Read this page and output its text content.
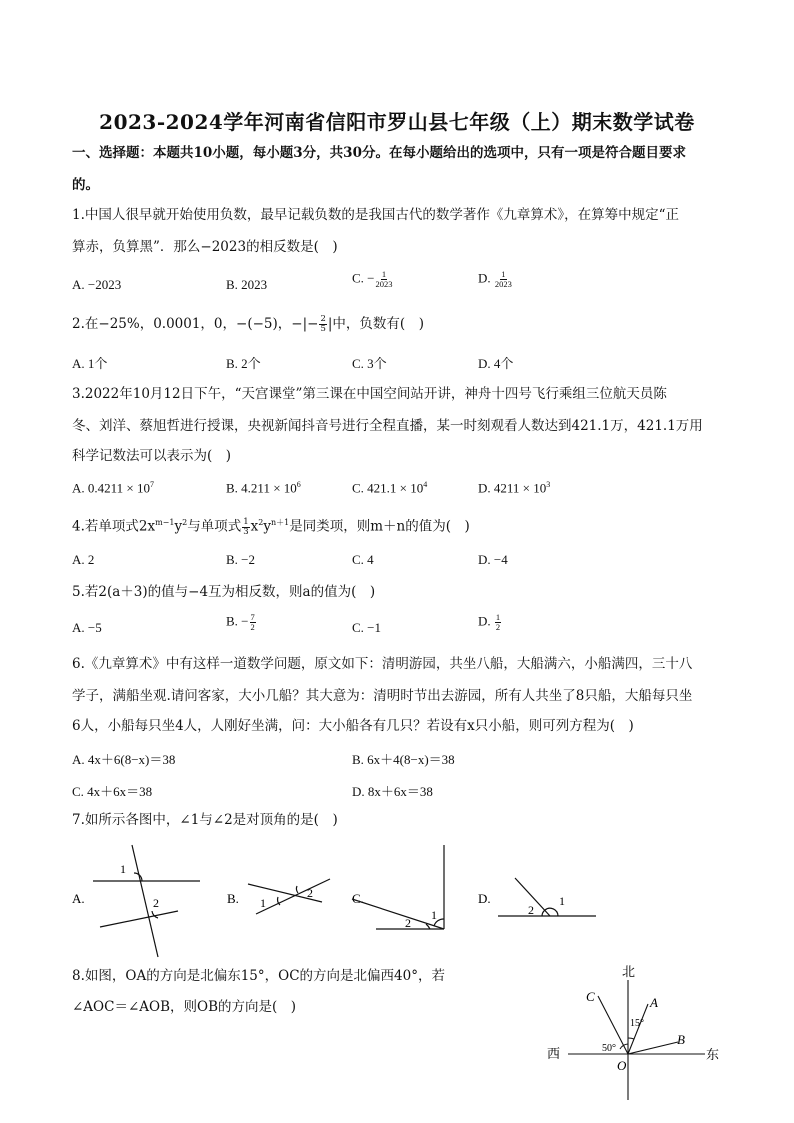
2023-2024学年河南省信阳市罗山县七年级（上）期末数学试卷
一、选择题：本题共10小题，每小题3分，共30分。在每小题给出的选项中，只有一项是符合题目要求
的。
1.中国人很早就开始使用负数，最早记载负数的是我国古代的数学著作《九章算术》，在算筹中规定“正
算赤，负算黑”．那么−2023的相反数是(　)
A. −2023	B. 2023	C. − $\frac{1}{2023}$	D. $\frac{1}{2023}$
2.在−25%，0.0001，0，−(−5)，−|− $\frac{2}{5}$ |中，负数有(　)
A. 1个	B. 2个	C. 3个	D. 4个
3.2022年10月12日下午，“天宫课堂”第三课在中国空间站开讲，神舟十四号飞行乘组三位航天员陈
冬、刘洋、蔡旭哲进行授课，央视新闻抖音号进行全程直播，某一时刻观看人数达到421.1万，421.1万用
科学记数法可以表示为(　)
A. $0.4211 \times 10^7$	B. $4.211 \times 10^6$	C. $421.1 \times 10^4$	D. $4211 \times 10^3$
4.若单项式$2x^{m-1}y^2$与单项式 $\frac{1}{3} x^2y^{n+1}$是同类项，则m＋n的值为(　)
A. 2	B. −2	C. 4	D. −4
5.若2(a＋3)的值与−4互为相反数，则a的值为(　)
A. −5	B. − $\frac{7}{2}$	C. −1	D. $\frac{1}{2}$
6.《九章算术》中有这样一道数学问题，原文如下：清明游园，共坐八船，大船满六，小船满四，三十八
学子，满船坐观.请问客家，大小几船？其大意为：清明时节出去游园，所有人共坐了8只船，大船每只坐
6人，小船每只坐4人，人刚好坐满，问：大小船各有几只？若设有x只小船，则可列方程为(　)
A. 4x＋6(8−x)＝38	B. 6x＋4(8−x)＝38
C. 4x＋6x＝38	D. 8x＋6x＝38
7.如所示各图中，∠1与∠2是对顶角的是(　)
A.
1
2	B. 1
2	C.
2
1
D.
2
1
8.如图，OA的方向是北偏东15°，OC的方向是北偏西40°，若
∠AOC＝∠AOB，则OB的方向是(　)
北
西	东
O
A
B
C
15°
50°
